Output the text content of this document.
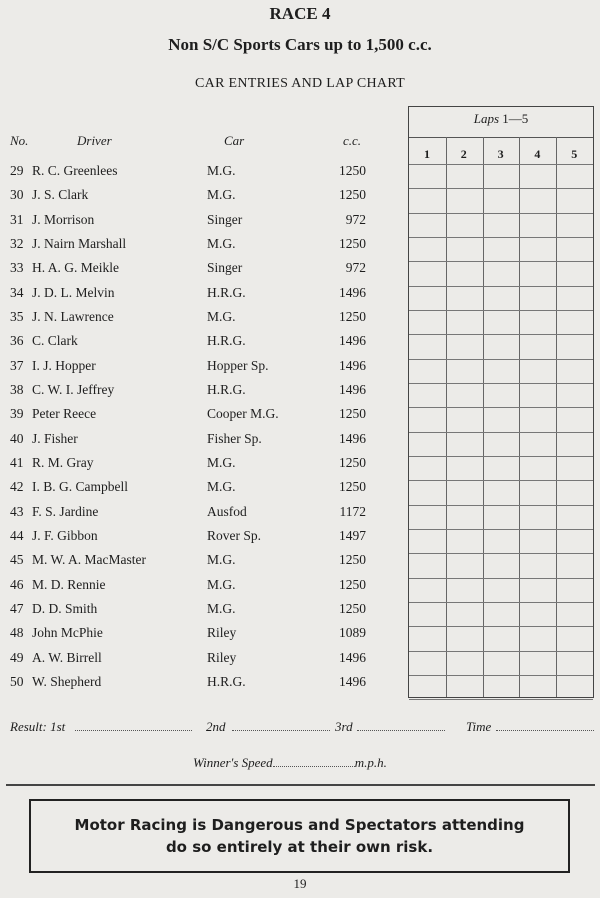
RACE 4
Non S/C Sports Cars up to 1,500 c.c.
CAR ENTRIES AND LAP CHART
No.	Driver	Car	c.c.
29 R. C. Greenlees	M.G.	1250
30 J. S. Clark	M.G.	1250
31 J. Morrison	Singer	972
32 J. Nairn Marshall	M.G.	1250
33 H. A. G. Meikle	Singer	972
34 J. D. L. Melvin	H.R.G.	1496
35 J. N. Lawrence	M.G.	1250
36 C. Clark	H.R.G.	1496
37 I. J. Hopper	Hopper Sp.	1496
38 C. W. I. Jeffrey	H.R.G.	1496
39 Peter Reece	Cooper M.G.	1250
40 J. Fisher	Fisher Sp.	1496
41 R. M. Gray	M.G.	1250
42 I. B. G. Campbell	M.G.	1250
43 F. S. Jardine	Ausfod	1172
44 J. F. Gibbon	Rover Sp.	1497
45 M. W. A. MacMaster	M.G.	1250
46 M. D. Rennie	M.G.	1250
47 D. D. Smith	M.G.	1250
48 John McPhie	Riley	1089
49 A. W. Birrell	Riley	1496
50 W. Shepherd	H.R.G.	1496
Laps 1—5
1	2	3	4	5
Result: 1st	2nd	3rd	Time
Winner's Speed	m.p.h.
Motor Racing is Dangerous and Spectators attending
do so entirely at their own risk.
19
